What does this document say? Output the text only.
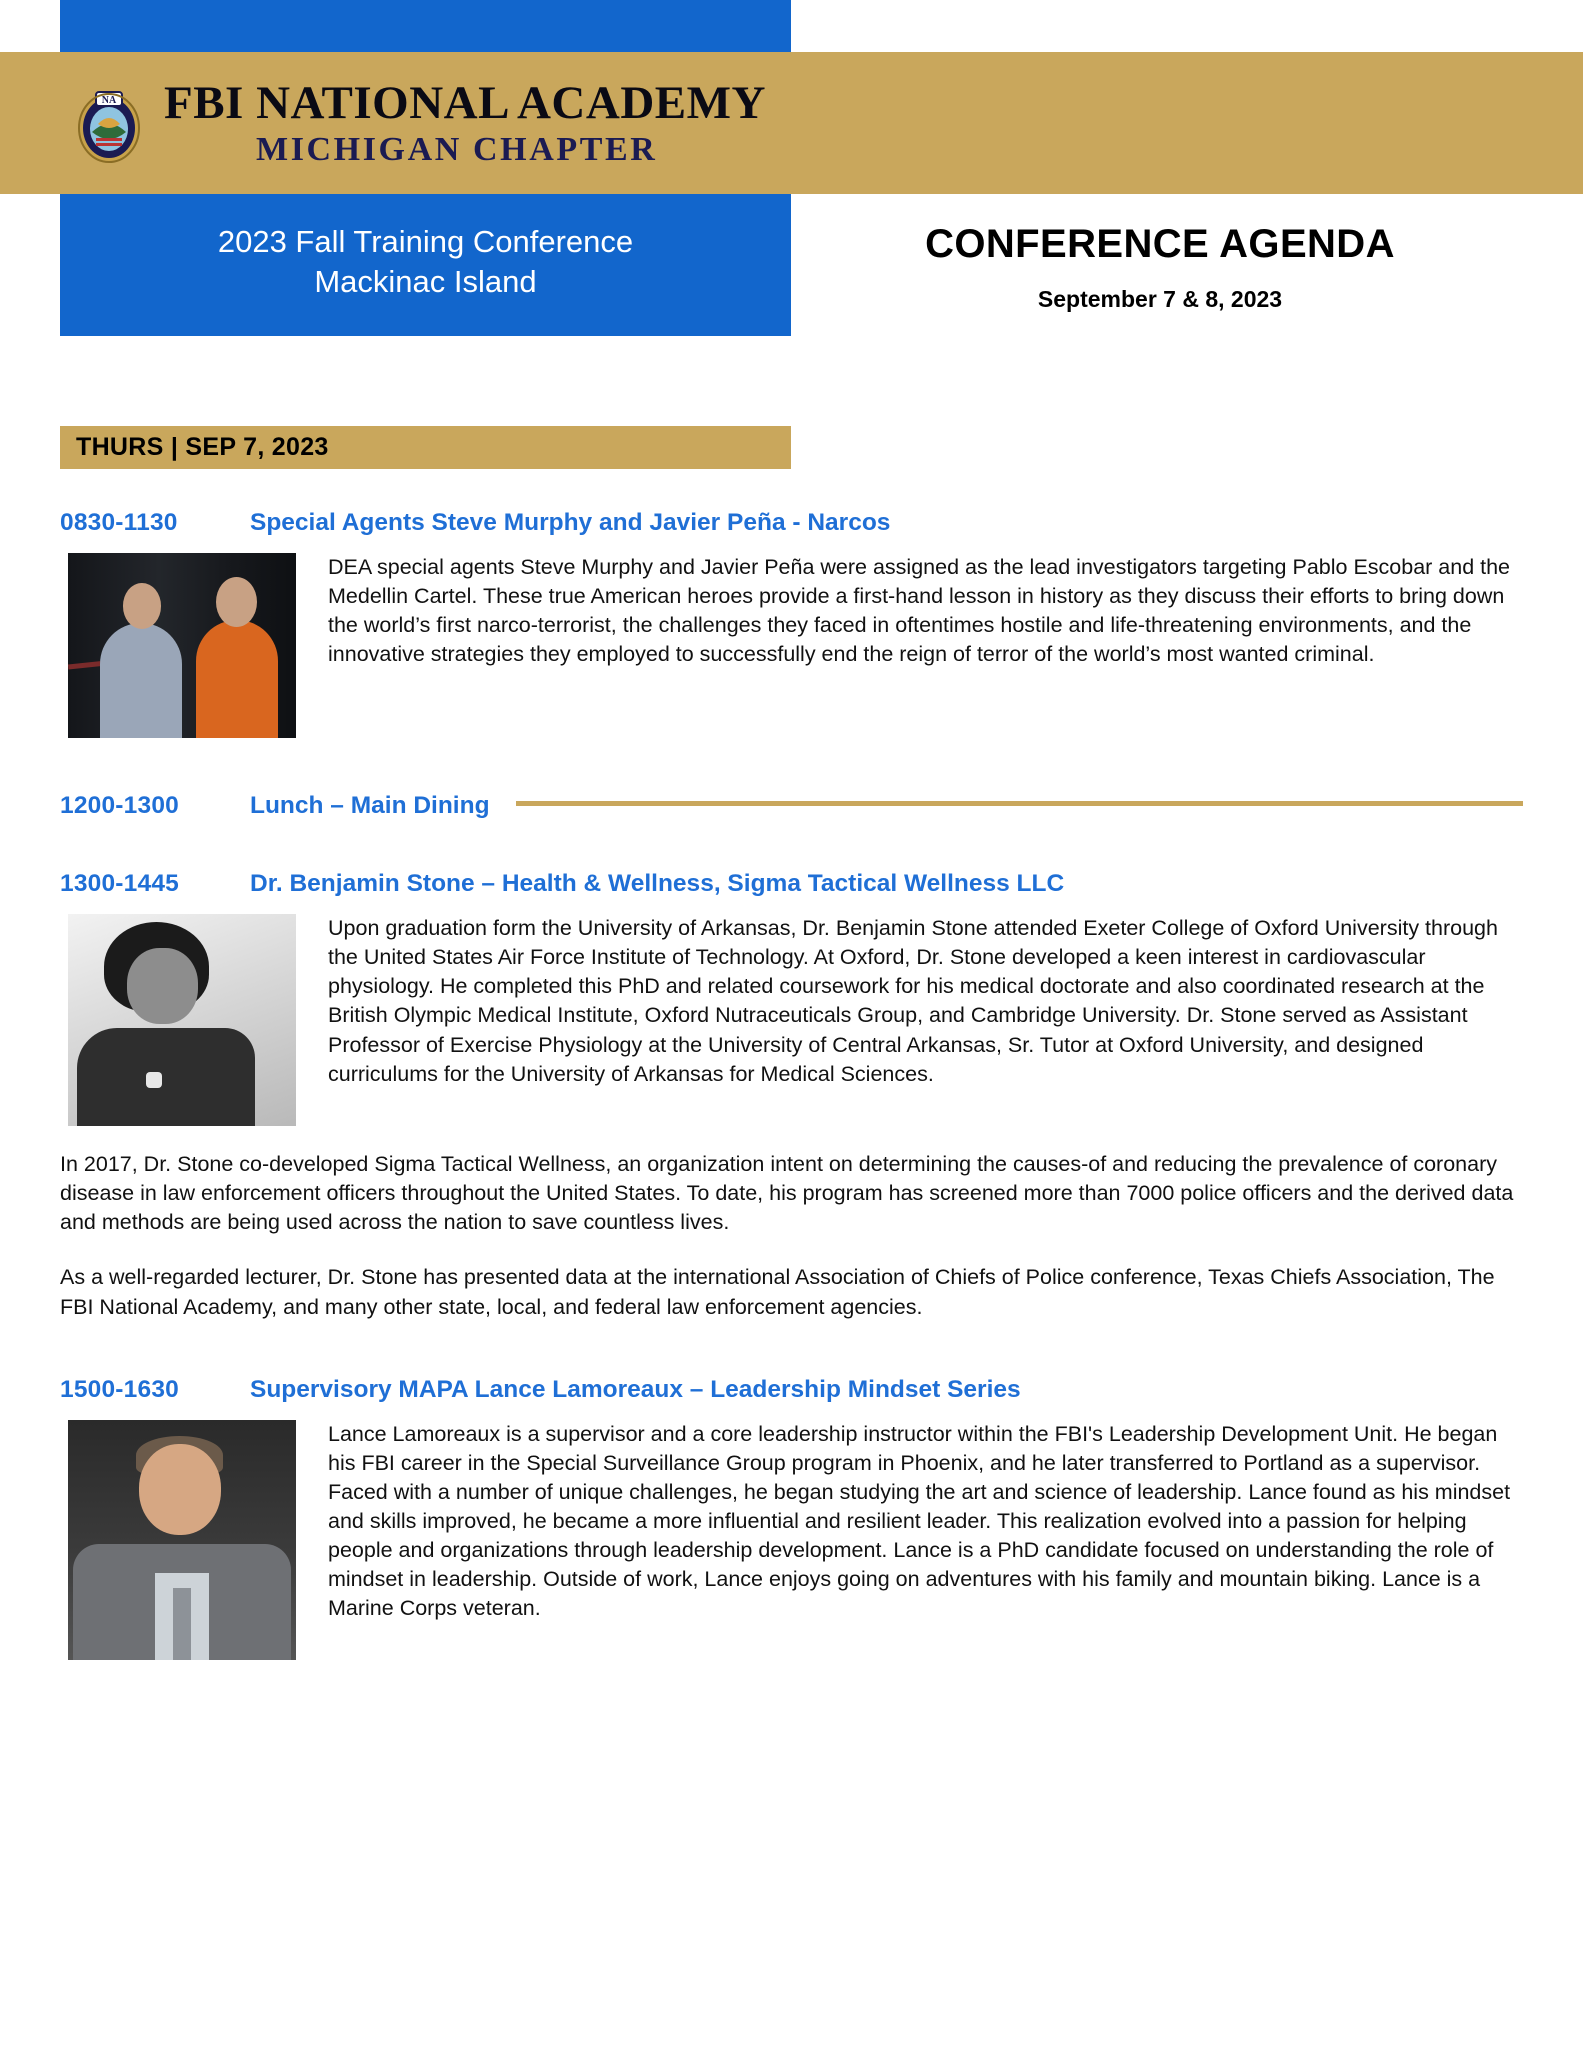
NA FBI NATIONAL ACADEMY
MICHIGAN CHAPTER
2023 Fall Training Conference
Mackinac Island
CONFERENCE AGENDA
September 7 & 8, 2023
THURS | SEP 7, 2023
0830-1130	Special Agents Steve Murphy and Javier Peña - Narcos
DEA special agents Steve Murphy and Javier Peña were assigned as the lead investigators targeting Pablo Escobar and the Medellin Cartel. These true American heroes provide a first-hand lesson in history as they discuss their efforts to bring down the world’s first narco-terrorist, the challenges they faced in oftentimes hostile and life-threatening environments, and the innovative strategies they employed to successfully end the reign of terror of the world’s most wanted criminal.
1200-1300	Lunch – Main Dining
1300-1445	Dr. Benjamin Stone – Health & Wellness, Sigma Tactical Wellness LLC
Upon graduation form the University of Arkansas, Dr. Benjamin Stone attended Exeter College of Oxford University through the United States Air Force Institute of Technology. At Oxford, Dr. Stone developed a keen interest in cardiovascular physiology. He completed this PhD and related coursework for his medical doctorate and also coordinated research at the British Olympic Medical Institute, Oxford Nutraceuticals Group, and Cambridge University. Dr. Stone served as Assistant Professor of Exercise Physiology at the University of Central Arkansas, Sr. Tutor at Oxford University, and designed curriculums for the University of Arkansas for Medical Sciences.
In 2017, Dr. Stone co-developed Sigma Tactical Wellness, an organization intent on determining the causes-of and reducing the prevalence of coronary disease in law enforcement officers throughout the United States. To date, his program has screened more than 7000 police officers and the derived data and methods are being used across the nation to save countless lives.
As a well-regarded lecturer, Dr. Stone has presented data at the international Association of Chiefs of Police conference, Texas Chiefs Association, The FBI National Academy, and many other state, local, and federal law enforcement agencies.
1500-1630	Supervisory MAPA Lance Lamoreaux – Leadership Mindset Series
Lance Lamoreaux is a supervisor and a core leadership instructor within the FBI's Leadership Development Unit. He began his FBI career in the Special Surveillance Group program in Phoenix, and he later transferred to Portland as a supervisor. Faced with a number of unique challenges, he began studying the art and science of leadership. Lance found as his mindset and skills improved, he became a more influential and resilient leader. This realization evolved into a passion for helping people and organizations through leadership development. Lance is a PhD candidate focused on understanding the role of mindset in leadership. Outside of work, Lance enjoys going on adventures with his family and mountain biking. Lance is a Marine Corps veteran.
